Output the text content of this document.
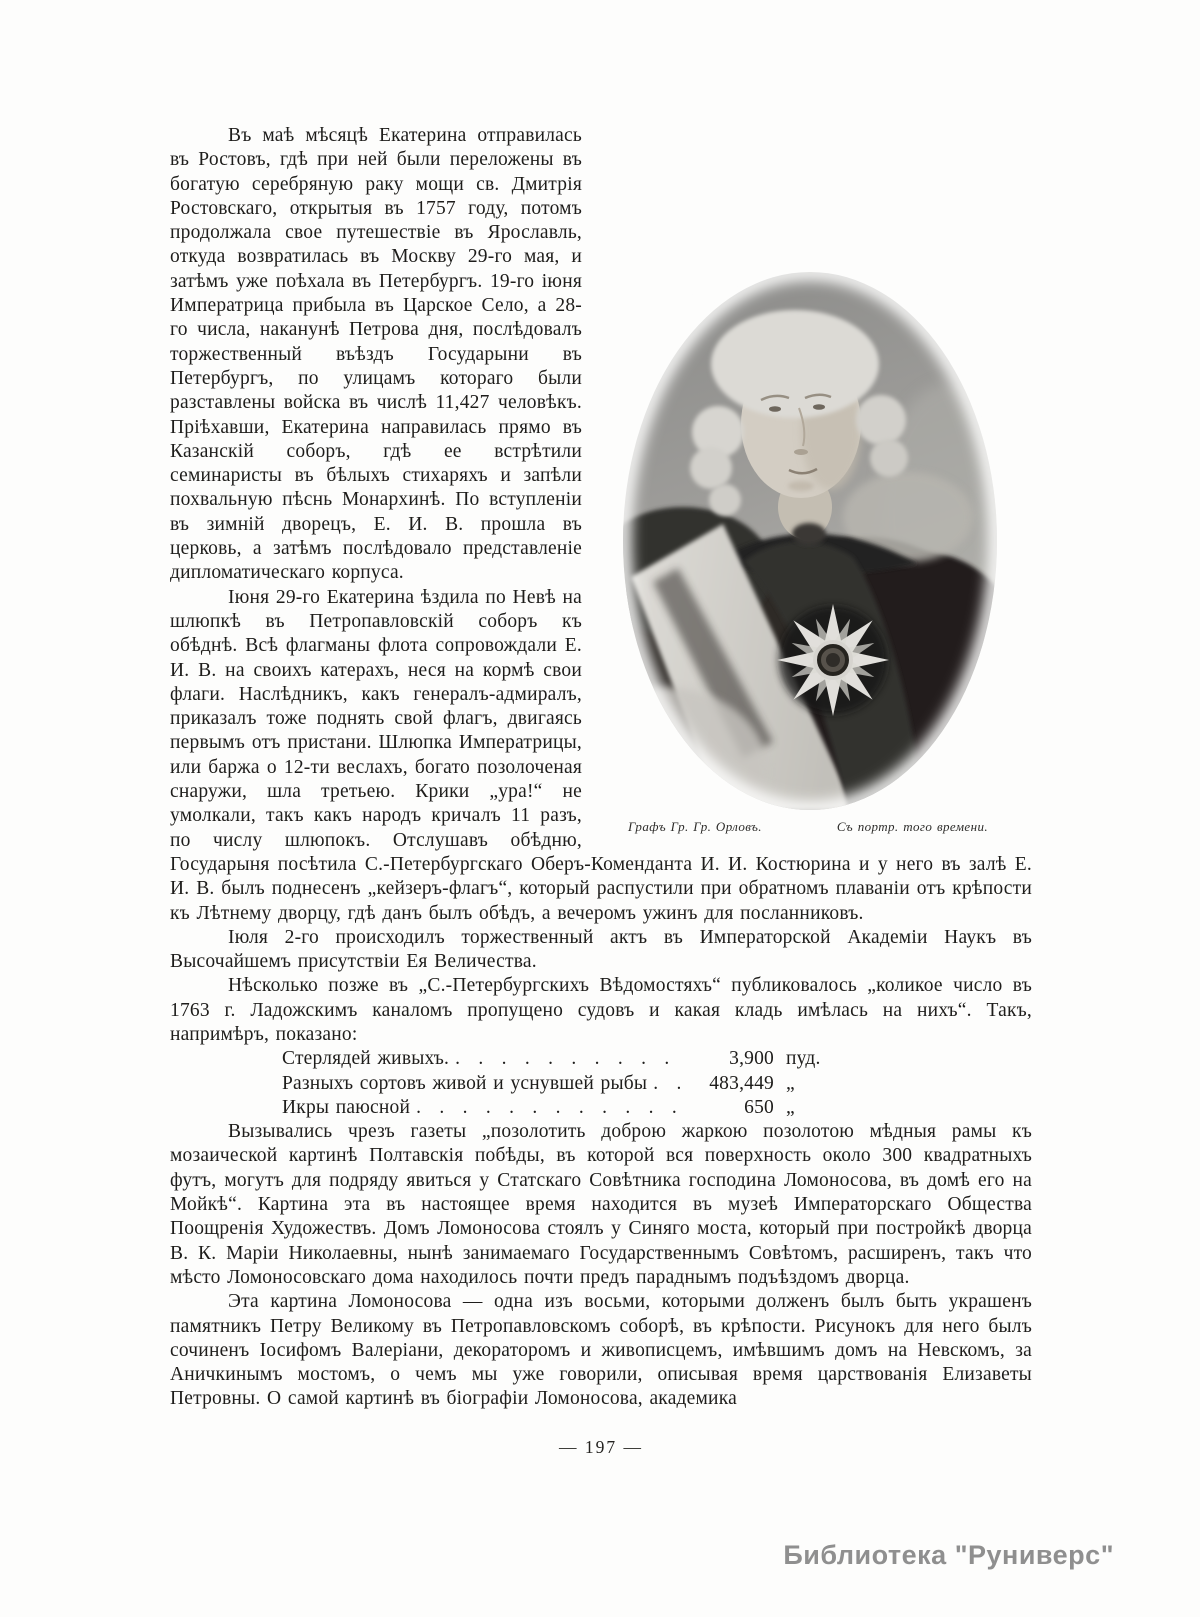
Графъ Гр. Гр. Орловъ.	Съ портр. того времени.

Въ маѣ мѣсяцѣ Екатерина отправилась въ Ростовъ, гдѣ при ней были переложены въ богатую серебряную раку мощи св. Дмитрія Ростовскаго, открытыя въ 1757 году, потомъ продолжала свое путешествіе въ Ярославль, откуда возвратилась въ Москву 29-го мая, и затѣмъ уже поѣхала въ Петербургъ. 19-го іюня Императрица прибыла въ Царское Село, а 28-го числа, наканунѣ Петрова дня, послѣдовалъ торжественный въѣздъ Государыни въ Петербургъ, по улицамъ котораго были разставлены войска въ числѣ 11,427 человѣкъ. Пріѣхавши, Екатерина направилась прямо въ Казанскій соборъ, гдѣ ее встрѣтили семинаристы въ бѣлыхъ стихаряхъ и запѣли похвальную пѣснь Монархинѣ. По вступленіи въ зимній дворецъ, Е. И. В. прошла въ церковь, а затѣмъ послѣдовало представленіе дипломатическаго корпуса.

Іюня 29-го Екатерина ѣздила по Невѣ на шлюпкѣ въ Петропавловскій соборъ къ обѣднѣ. Всѣ флагманы флота сопровождали Е. И. В. на своихъ катерахъ, неся на кормѣ свои флаги. Наслѣдникъ, какъ генералъ-адмиралъ, приказалъ тоже поднять свой флагъ, двигаясь первымъ отъ пристани. Шлюпка Императрицы, или баржа о 12-ти веслахъ, богато позолоченая снаружи, шла третьею. Крики „ура!“ не умолкали, такъ какъ народъ кричалъ 11 разъ, по числу шлюпокъ. Отслушавъ обѣдню, Государыня посѣтила С.-Петербургскаго Оберъ-Коменданта И. И. Костюрина и у него въ залѣ Е. И. В. былъ поднесенъ „кейзеръ-флагъ“, который распустили при обратномъ плаваніи отъ крѣпости къ Лѣтнему дворцу, гдѣ данъ былъ обѣдъ, а вечеромъ ужинъ для посланниковъ.

Іюля 2-го происходилъ торжественный актъ въ Императорской Академіи Наукъ въ Высочайшемъ присутствіи Ея Величества.

Нѣсколько позже въ „С.-Петербургскихъ Вѣдомостяхъ“ публиковалось „коликое число въ 1763 г. Ладожскимъ каналомъ пропущено судовъ и какая кладь имѣлась на нихъ“. Такъ, напримѣръ, показано:

Стерлядей живыхъ. . . .	3,900 пуд.
Разныхъ сортовъ живой и уснувшей рыбы . . .	483,449 „
Икры паюсной . . .	650 „

Вызывались чрезъ газеты „позолотить доброю жаркою позолотою мѣдныя рамы къ мозаической картинѣ Полтавскія побѣды, въ которой вся поверхность около 300 квадратныхъ футъ, могутъ для подряду явиться у Статскаго Совѣтника господина Ломоносова, въ домѣ его на Мойкѣ“. Картина эта въ настоящее время находится въ музеѣ Императорскаго Общества Поощренія Художествъ. Домъ Ломоносова стоялъ у Синяго моста, который при постройкѣ дворца В. К. Маріи Николаевны, нынѣ занимаемаго Государственнымъ Совѣтомъ, расширенъ, такъ что мѣсто Ломоносовскаго дома находилось почти предъ параднымъ подъѣздомъ дворца.

Эта картина Ломоносова — одна изъ восьми, которыми долженъ былъ быть украшенъ памятникъ Петру Великому въ Петропавловскомъ соборѣ, въ крѣпости. Рисунокъ для него былъ сочиненъ Іосифомъ Валеріани, декораторомъ и живописцемъ, имѣвшимъ домъ на Невскомъ, за Аничкинымъ мостомъ, о чемъ мы уже говорили, описывая время царствованія Елизаветы Петровны. О самой картинѣ въ біографіи Ломоносова, академика

— 197 —
Библиотека "Руниверс"
